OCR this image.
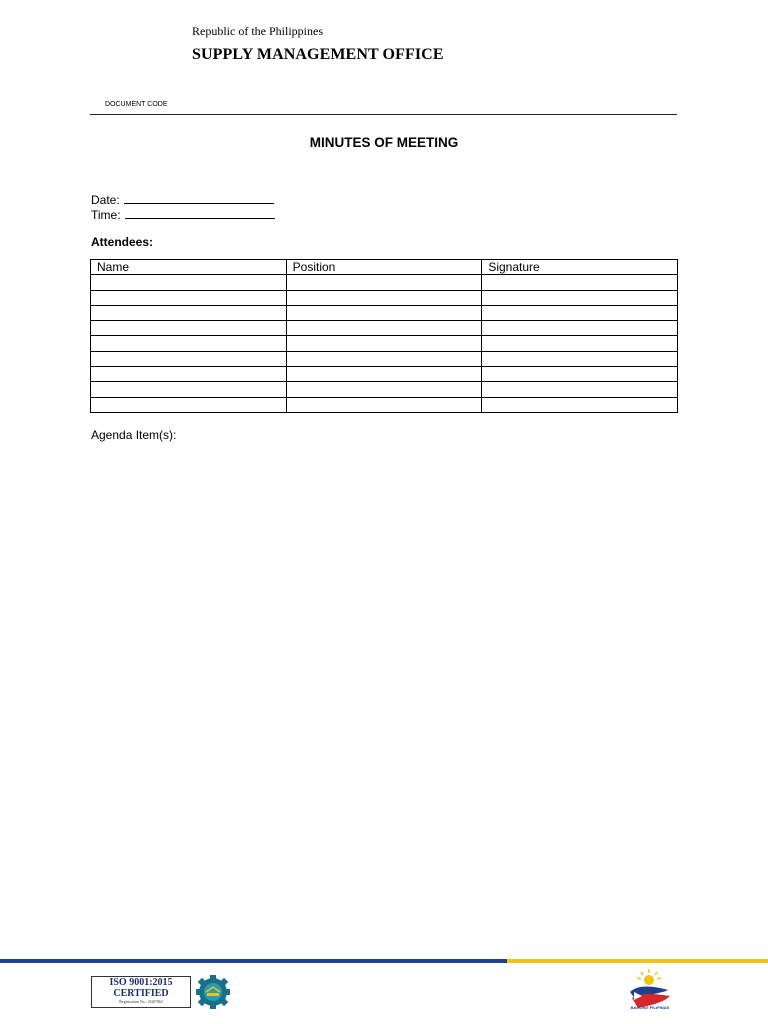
Republic of the Philippines
SUPPLY MANAGEMENT OFFICE
DOCUMENT CODE
MINUTES OF MEETING
Date:
Time:
Attendees:
Name	Position	Signature

Agenda Item(s):
ISO 9001:2015
CERTIFIED
Registration No.: 2Q07862
BAGONG PILIPINAS
